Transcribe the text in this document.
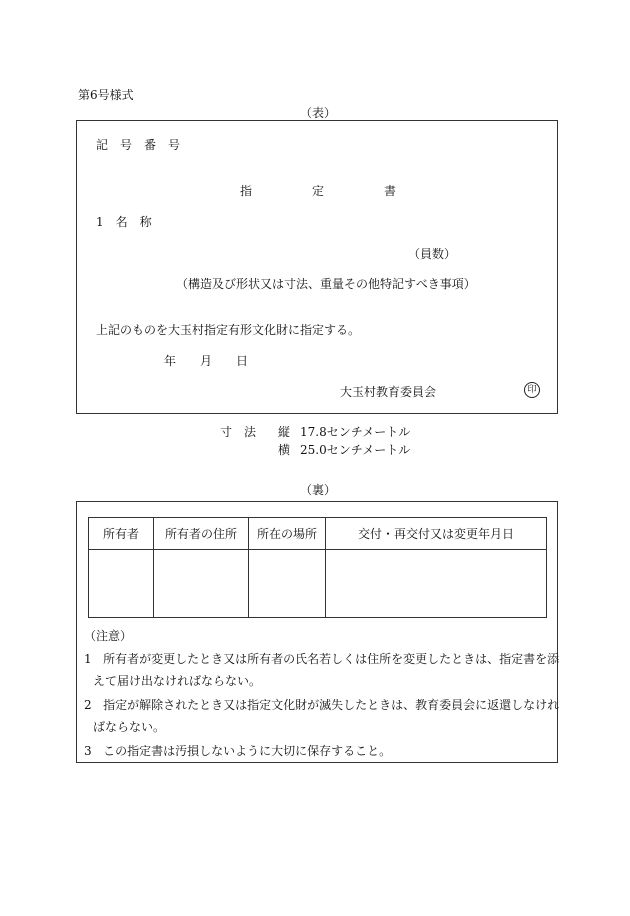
第6号様式
（表）
記　号　番　号
指　　　　　定　　　　　書
1　名　称
（員数）
（構造及び形状又は寸法、重量その他特記すべき事項）
上記のものを大玉村指定有形文化財に指定する。
年　　月　　日
大玉村教育委員会	印
寸　法 縦 17.8センチメートル
横 25.0センチメートル
（裏）
所有者	所有者の住所	所在の場所	交付・再交付又は変更年月日

（注意）
1 所有者が変更したとき又は所有者の氏名若しくは住所を変更したときは、指定書を添
えて届け出なければならない。
2 指定が解除されたとき又は指定文化財が滅失したときは、教育委員会に返還しなけれ
ばならない。
3 この指定書は汚損しないように大切に保存すること。
